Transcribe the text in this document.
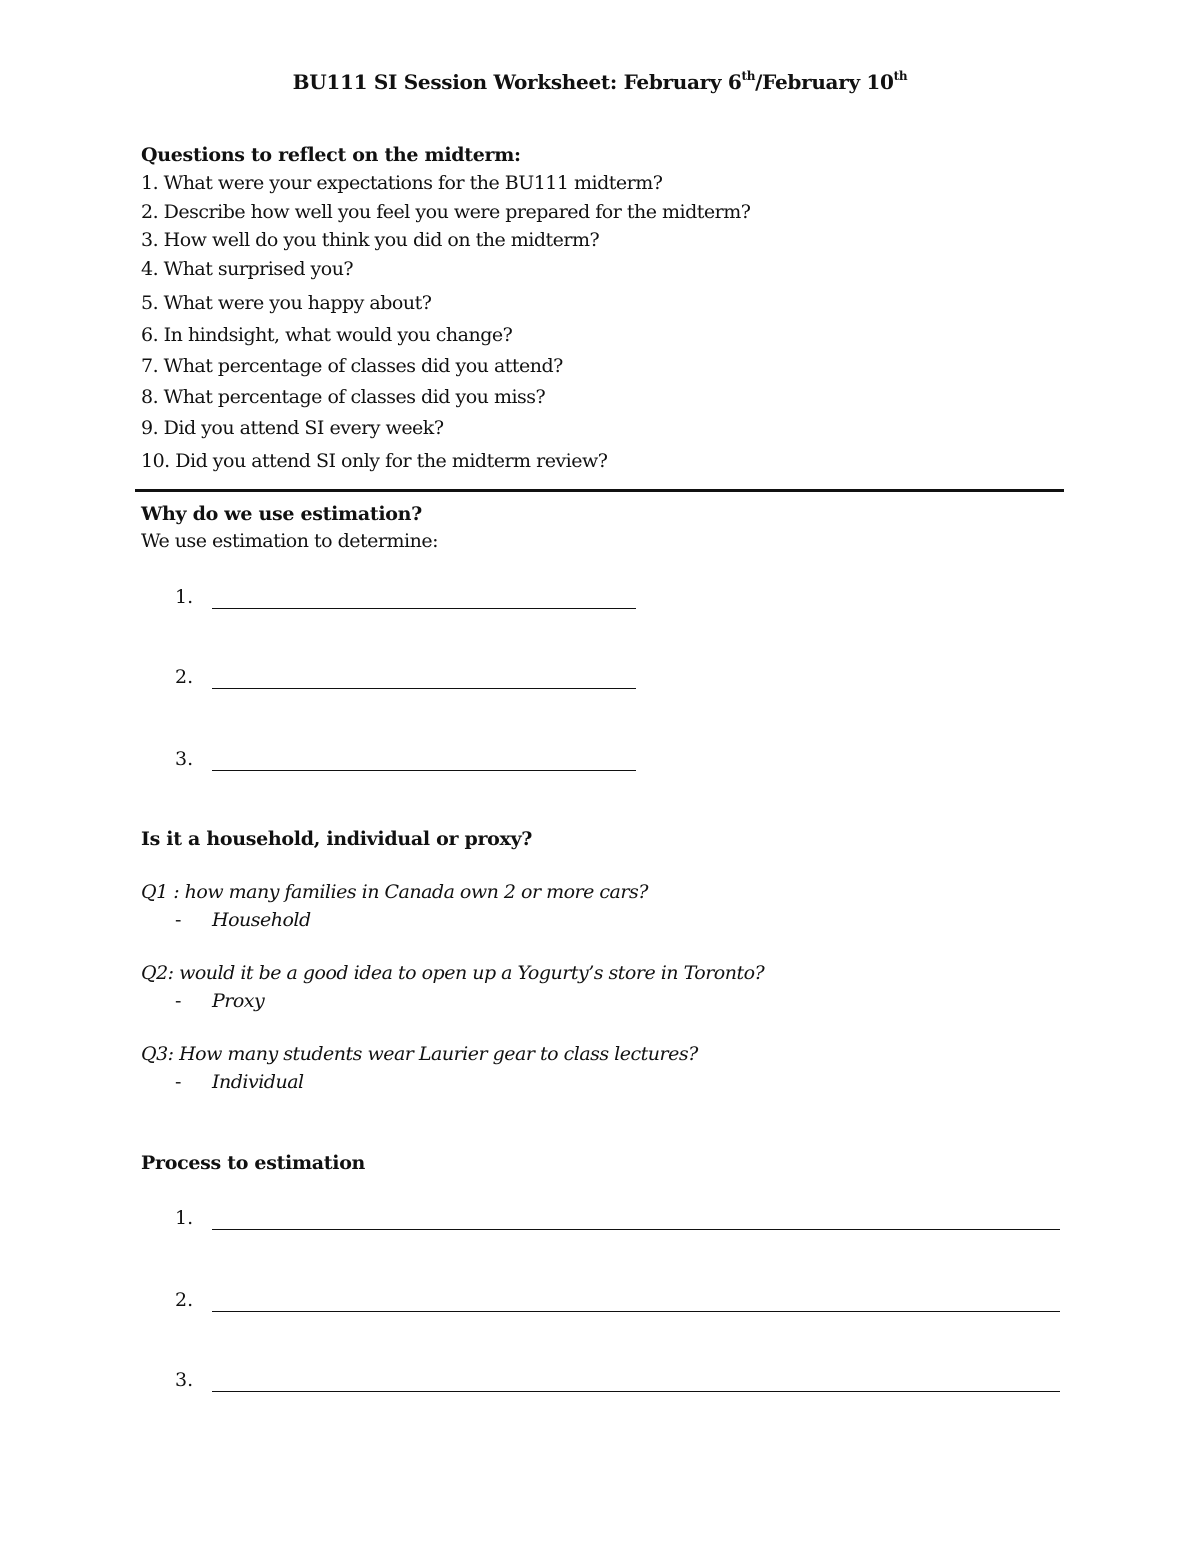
BU111 SI Session Worksheet: February 6th/February 10th
Questions to reflect on the midterm:
1. What were your expectations for the BU111 midterm?
2. Describe how well you feel you were prepared for the midterm?
3. How well do you think you did on the midterm?
4. What surprised you?
5. What were you happy about?
6. In hindsight, what would you change?
7. What percentage of classes did you attend?
8. What percentage of classes did you miss?
9. Did you attend SI every week?
10. Did you attend SI only for the midterm review?
Why do we use estimation?
We use estimation to determine:
1.
2.
3.
Is it a household, individual or proxy?
Q1 : how many families in Canada own 2 or more cars?
- Household
Q2: would it be a good idea to open up a Yogurty’s store in Toronto?
- Proxy
Q3: How many students wear Laurier gear to class lectures?
- Individual
Process to estimation
1.
2.
3.
